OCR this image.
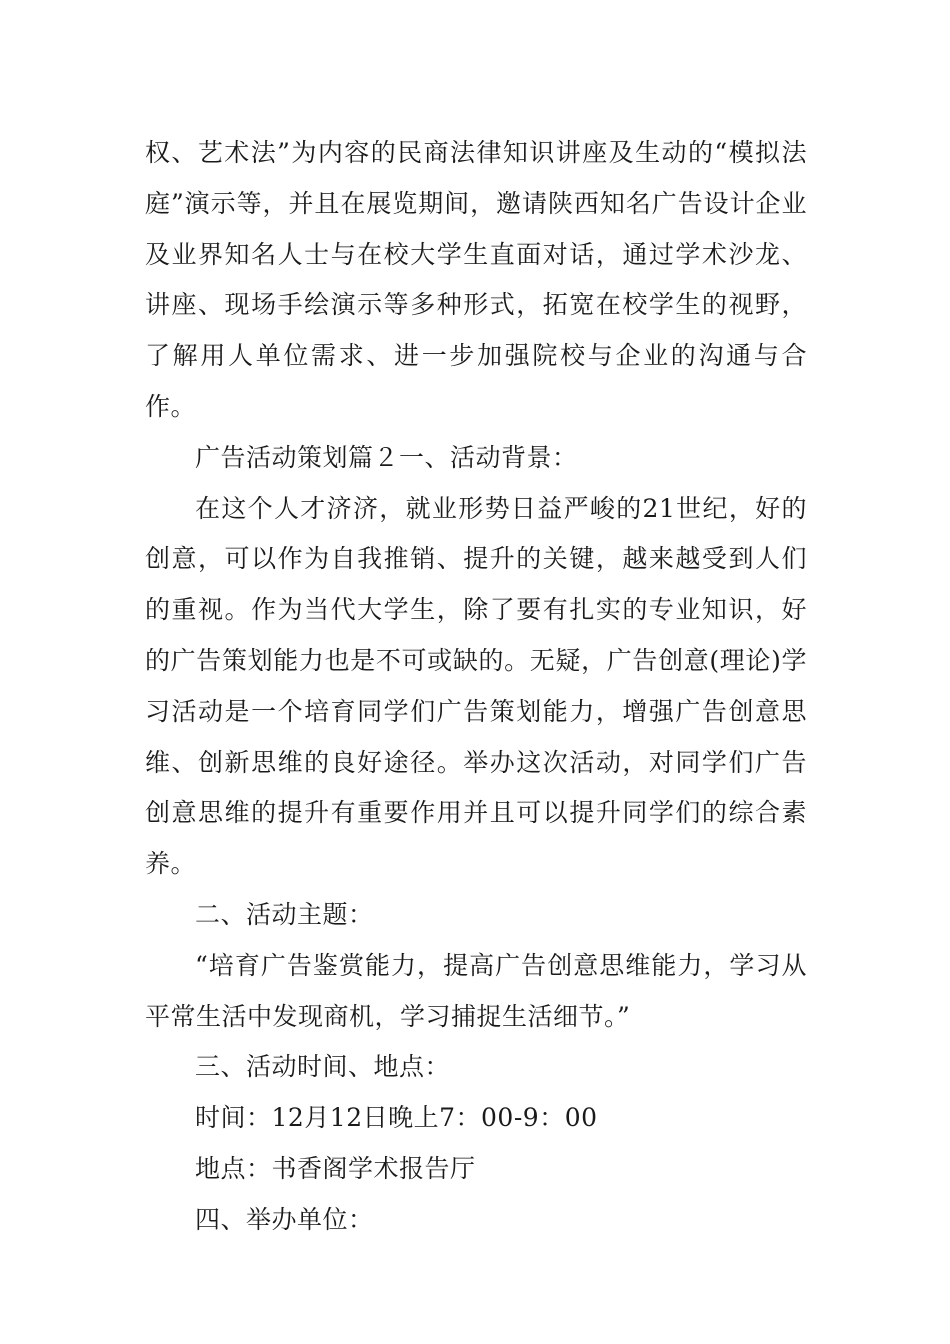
权、艺术法”为内容的民商法律知识讲座及生动的“模拟法庭”演示等，并且在展览期间，邀请陕西知名广告设计企业及业界知名人士与在校大学生直面对话，通过学术沙龙、讲座、现场手绘演示等多种形式，拓宽在校学生的视野，了解用人单位需求、进一步加强院校与企业的沟通与合作。

广告活动策划篇２一、活动背景：

在这个人才济济，就业形势日益严峻的21世纪，好的创意，可以作为自我推销、提升的关键，越来越受到人们的重视。作为当代大学生，除了要有扎实的专业知识，好的广告策划能力也是不可或缺的。无疑，广告创意(理论)学习活动是一个培育同学们广告策划能力，增强广告创意思维、创新思维的良好途径。举办这次活动，对同学们广告创意思维的提升有重要作用并且可以提升同学们的综合素养。

二、活动主题：

“培育广告鉴赏能力，提高广告创意思维能力，学习从平常生活中发现商机，学习捕捉生活细节。”

三、活动时间、地点：

时间：12月12日晚上7：00-9：00

地点：书香阁学术报告厅

四、举办单位：
